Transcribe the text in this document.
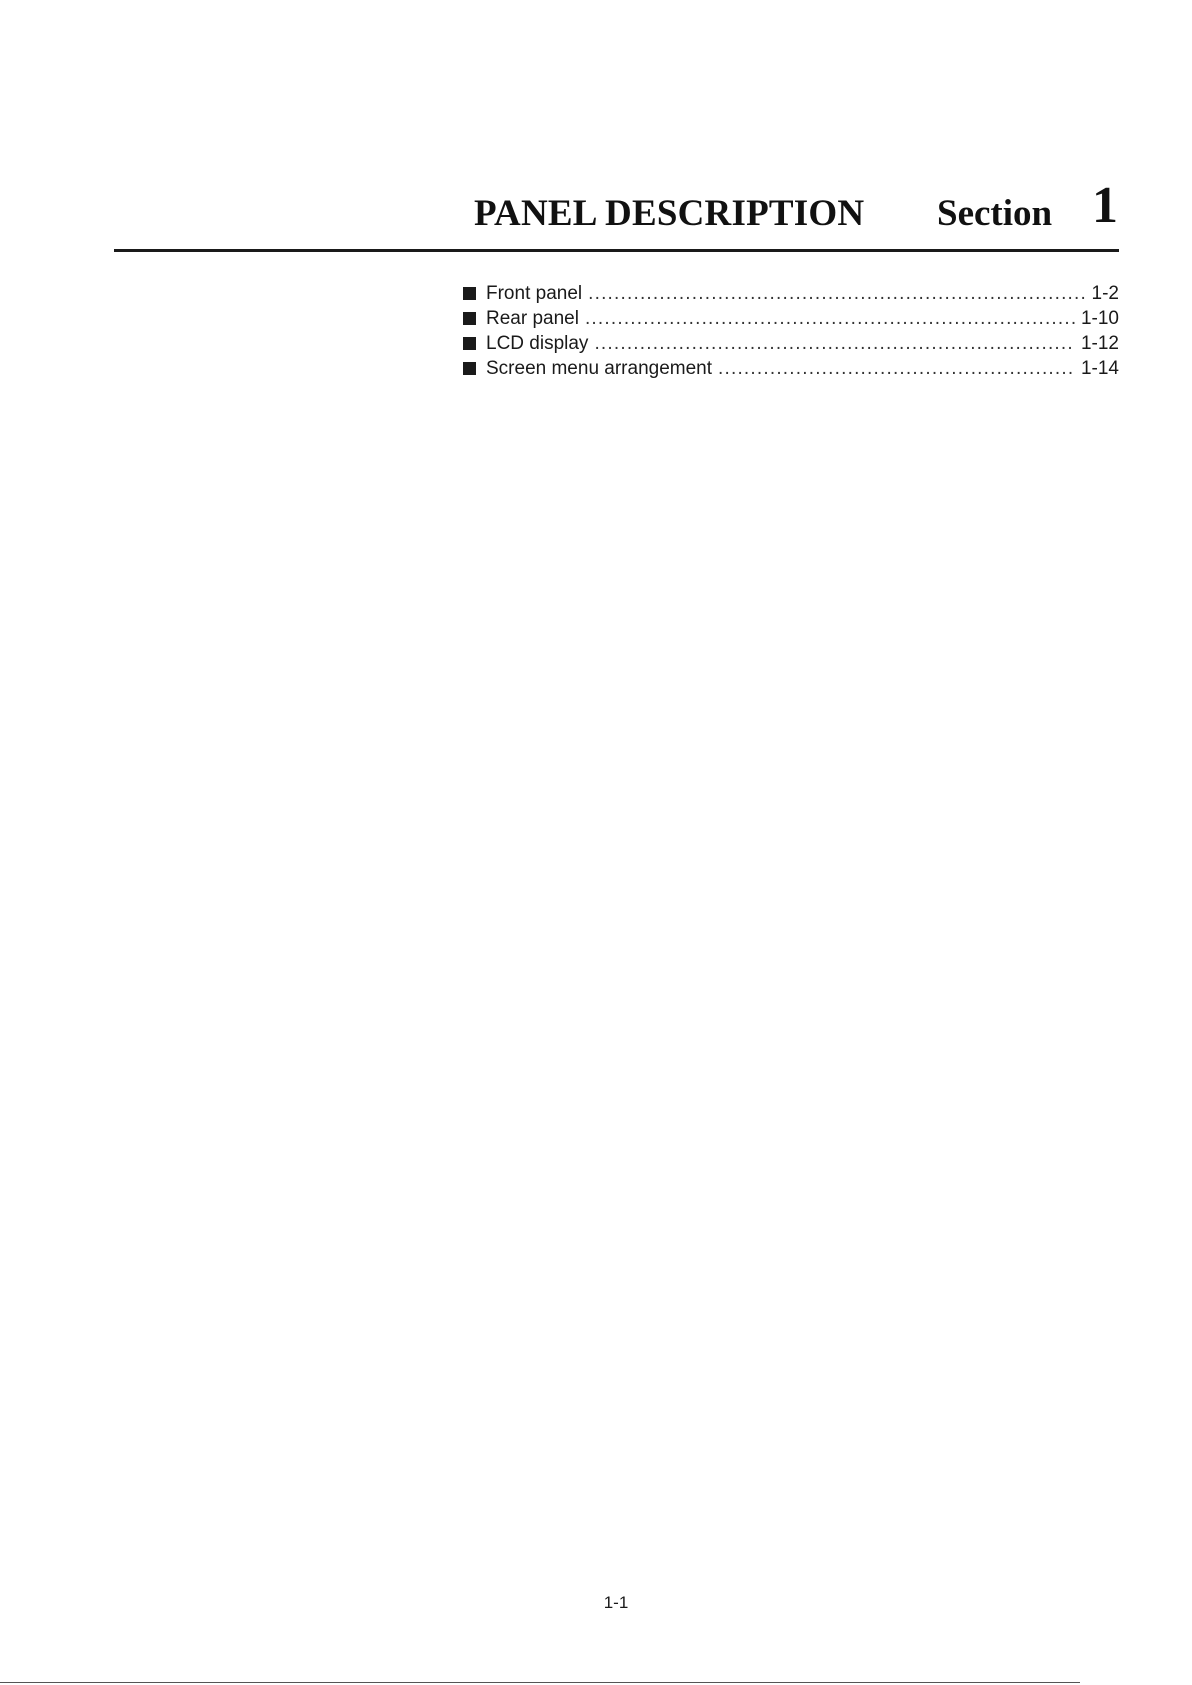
PANEL DESCRIPTION Section 1
Front panel .....	1-2
Rear panel .....	1-10
LCD display .....	1-12
Screen menu arrangement .....	1-14
1-1
